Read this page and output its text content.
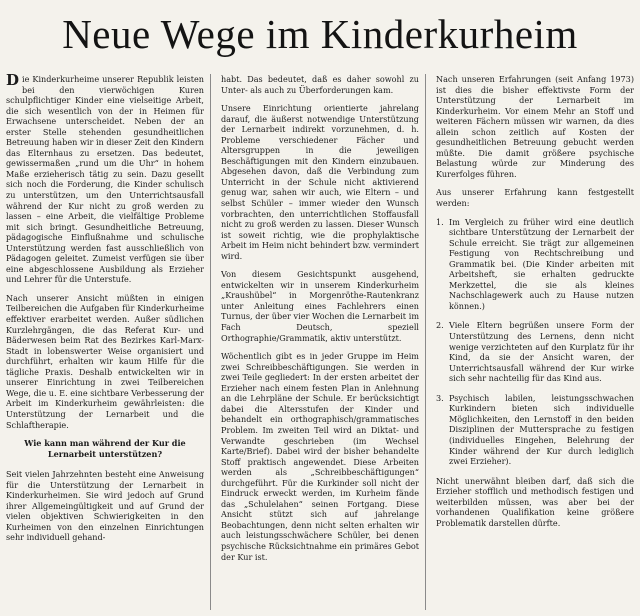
Neue Wege im Kinderkurheim

Die Kinderkurheime unserer Republik leisten bei den vierwöchigen Kuren schulpflichtiger Kinder eine vielseitige Arbeit, die sich wesentlich von der in Heimen für Erwachsene unterscheidet. Neben der an erster Stelle stehenden gesundheitlichen Betreuung haben wir in dieser Zeit den Kindern das Elternhaus zu ersetzen. Das bedeutet, gewissermaßen „rund um die Uhr“ in hohem Maße erzieherisch tätig zu sein. Dazu gesellt sich noch die Forderung, die Kinder schulisch zu unterstützen, um den Unterrichtsausfall während der Kur nicht zu groß werden zu lassen – eine Arbeit, die vielfältige Probleme mit sich bringt. Gesundheitliche Betreuung, pädagogische Einflußnahme und schulische Unterstützung werden fast ausschließlich von Pädagogen geleitet. Zumeist verfügen sie über eine abgeschlossene Ausbildung als Erzieher und Lehrer für die Unterstufe.

Nach unserer Ansicht müßten in einigen Teilbereichen die Aufgaben für Kinderkurheime effektiver erarbeitet werden. Außer südlichen Kurzlehrgängen, die das Referat Kur- und Bäderwesen beim Rat des Bezirkes Karl-Marx-Stadt in lobenswerter Weise organisiert und durchführt, erhalten wir kaum Hilfe für die tägliche Praxis. Deshalb entwickelten wir in unserer Einrichtung in zwei Teilbereichen Wege, die u. E. eine sichtbare Verbesserung der Arbeit im Kinderkurheim gewährleisten: die Unterstützung der Lernarbeit und die Schlaftherapie.

Wie kann man während der Kur die Lernarbeit unterstützen?

Seit vielen Jahrzehnten besteht eine Anweisung für die Unterstützung der Lernarbeit in Kinderkurheimen. Sie wird jedoch auf Grund ihrer Allgemeingültigkeit und auf Grund der vielen objektiven Schwierigkeiten in den Kurheimen von den einzelnen Einrichtungen sehr individuell gehand-

habt. Das bedeutet, daß es daher sowohl zu Unter- als auch zu Überforderungen kam.

Unsere Einrichtung orientierte jahrelang darauf, die äußerst notwendige Unterstützung der Lernarbeit indirekt vorzunehmen, d. h. Probleme verschiedener Fächer und Altersgruppen in die jeweiligen Beschäftigungen mit den Kindern einzubauen. Abgesehen davon, daß die Verbindung zum Unterricht in der Schule nicht aktivierend genug war, sahen wir auch, wie Eltern – und selbst Schüler – immer wieder den Wunsch vorbrachten, den unterrichtlichen Stoffausfall nicht zu groß werden zu lassen. Dieser Wunsch ist soweit richtig, wie die prophylaktische Arbeit im Heim nicht behindert bzw. vermindert wird.

Von diesem Gesichtspunkt ausgehend, entwickelten wir in unserem Kinderkurheim „Kraushübel“ in Morgenröthe-Rautenkranz unter Anleitung eines Fachlehrers einen Turnus, der über vier Wochen die Lernarbeit im Fach Deutsch, speziell Orthographie/Grammatik, aktiv unterstützt.

Wöchentlich gibt es in jeder Gruppe im Heim zwei Schreibbeschäftigungen. Sie werden in zwei Teile gegliedert: In der ersten arbeitet der Erzieher nach einem festen Plan in Anlehnung an die Lehrpläne der Schule. Er berücksichtigt dabei die Altersstufen der Kinder und behandelt ein orthographisch/grammatisches Problem. Im zweiten Teil wird an Diktat- und Verwandte geschrieben (im Wechsel Karte/Brief). Dabei wird der bisher behandelte Stoff praktisch angewendet. Diese Arbeiten werden als „Schreibbeschäftigungen“ durchgeführt. Für die Kurkinder soll nicht der Eindruck erweckt werden, im Kurheim fände das „Schulelahen“ seinen Fortgang. Diese Ansicht stützt sich auf jahrelange Beobachtungen, denn nicht selten erhalten wir auch leistungsschwächere Schüler, bei denen psychische Rücksichtnahme ein primäres Gebot der Kur ist.

Nach unseren Erfahrungen (seit Anfang 1973) ist dies die bisher effektivste Form der Unterstützung der Lernarbeit im Kinderkurheim. Vor einem Mehr an Stoff und weiteren Fächern müssen wir warnen, da dies allein schon zeitlich auf Kosten der gesundheitlichen Betreuung gebucht werden müßte. Die damit größere psychische Belastung würde zur Minderung des Kurerfolges führen.

Aus unserer Erfahrung kann festgestellt werden:

1. Im Vergleich zu früher wird eine deutlich sichtbare Unterstützung der Lernarbeit der Schule erreicht. Sie trägt zur allgemeinen Festigung von Rechtschreibung und Grammatik bei. (Die Kinder arbeiten mit Arbeitsheft, sie erhalten gedruckte Merkzettel, die sie als kleines Nachschlagewerk auch zu Hause nutzen können.)
2. Viele Eltern begrüßen unsere Form der Unterstützung des Lernens, denn nicht wenige verzichteten auf den Kurplatz für ihr Kind, da sie der Ansicht waren, der Unterrichtsausfall während der Kur wirke sich sehr nachteilig für das Kind aus.
3. Psychisch labilen, leistungsschwachen Kurkindern bieten sich individuelle Möglichkeiten, den Lernstoff in den beiden Disziplinen der Muttersprache zu festigen (individuelles Eingehen, Belehrung der Kinder während der Kur durch lediglich zwei Erzieher).

Nicht unerwähnt bleiben darf, daß sich die Erzieher stofflich und methodisch festigen und weiterbilden müssen, was aber bei der vorhandenen Qualifikation keine größere Problematik darstellen dürfte.
